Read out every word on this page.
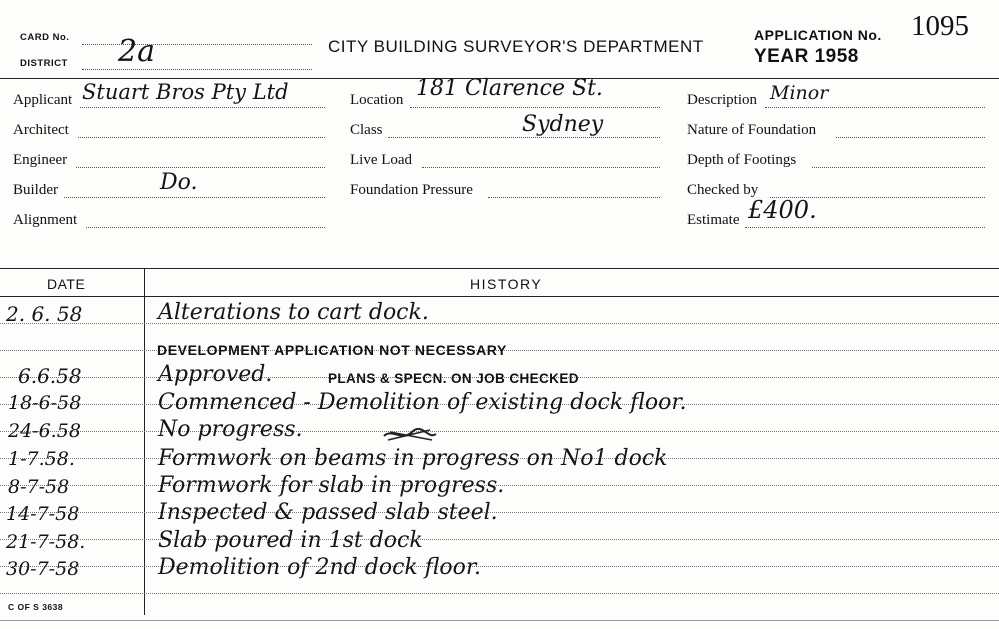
CARD No.
DISTRICT 2a	CITY BUILDING SURVEYOR'S DEPARTMENT
APPLICATION No. 1095
YEAR 1958
Applicant Stuart Bros Pty Ltd
Architect
Engineer
Builder	Do.
Alignment
Location 181 Clarence St.
Class	Sydney
Live Load
Foundation Pressure
Description Minor
Nature of Foundation
Depth of Footings
Checked by
Estimate £400.
DATE	HISTORY
2. 6. 58	Alterations to cart dock.
DEVELOPMENT APPLICATION NOT NECESSARY
6.6.58	Approved.	PLANS & SPECN. ON JOB CHECKED
18-6-58	Commenced - Demolition of existing dock floor.
24-6.58	No progress.
1-7.58.	Formwork on beams in progress on No1 dock
8-7-58	Formwork for slab in progress.
14-7-58	Inspected & passed slab steel.
21-7-58.	Slab poured in 1st dock
30-7-58	Demolition of 2nd dock floor.
C OF S 3638
